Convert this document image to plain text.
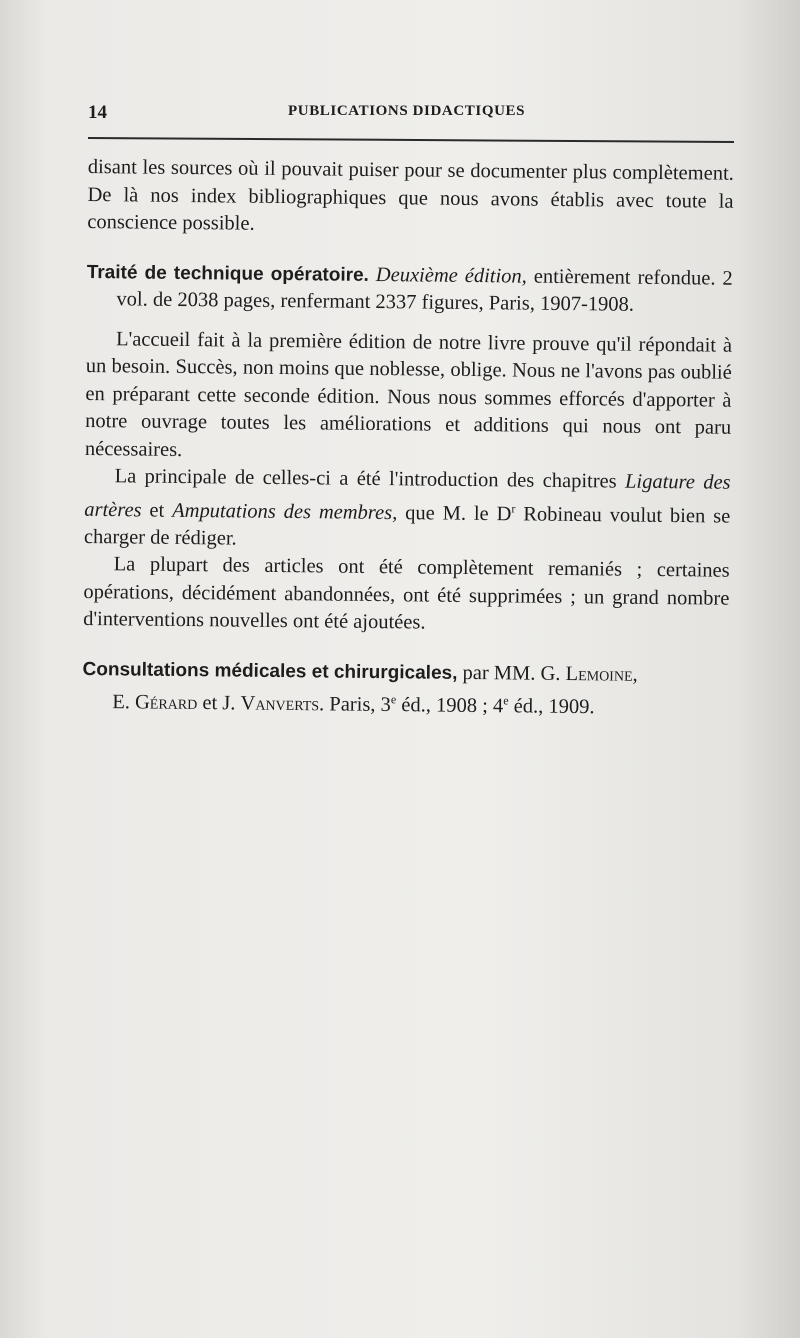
14	PUBLICATIONS DIDACTIQUES

disant les sources où il pouvait puiser pour se documenter plus complètement. De là nos index bibliographiques que nous avons établis avec toute la conscience possible.

Traité de technique opératoire. Deuxième édition, entièrement refondue. 2 vol. de 2038 pages, renfermant 2337 figures, Paris, 1907-1908.

L'accueil fait à la première édition de notre livre prouve qu'il répondait à un besoin. Succès, non moins que noblesse, oblige. Nous ne l'avons pas oublié en préparant cette seconde édition. Nous nous sommes efforcés d'apporter à notre ouvrage toutes les améliorations et additions qui nous ont paru nécessaires.

La principale de celles-ci a été l'introduction des chapitres Ligature des artères et Amputations des membres, que M. le $D^r$ Robineau voulut bien se charger de rédiger.

La plupart des articles ont été complètement remaniés ; certaines opérations, décidément abandonnées, ont été supprimées ; un grand nombre d'interventions nouvelles ont été ajoutées.

Consultations médicales et chirurgicales, par MM. G. Lemoine,
E. Gérard et J. Vanverts. Paris, 3e éd., 1908 ; 4e éd., 1909.
